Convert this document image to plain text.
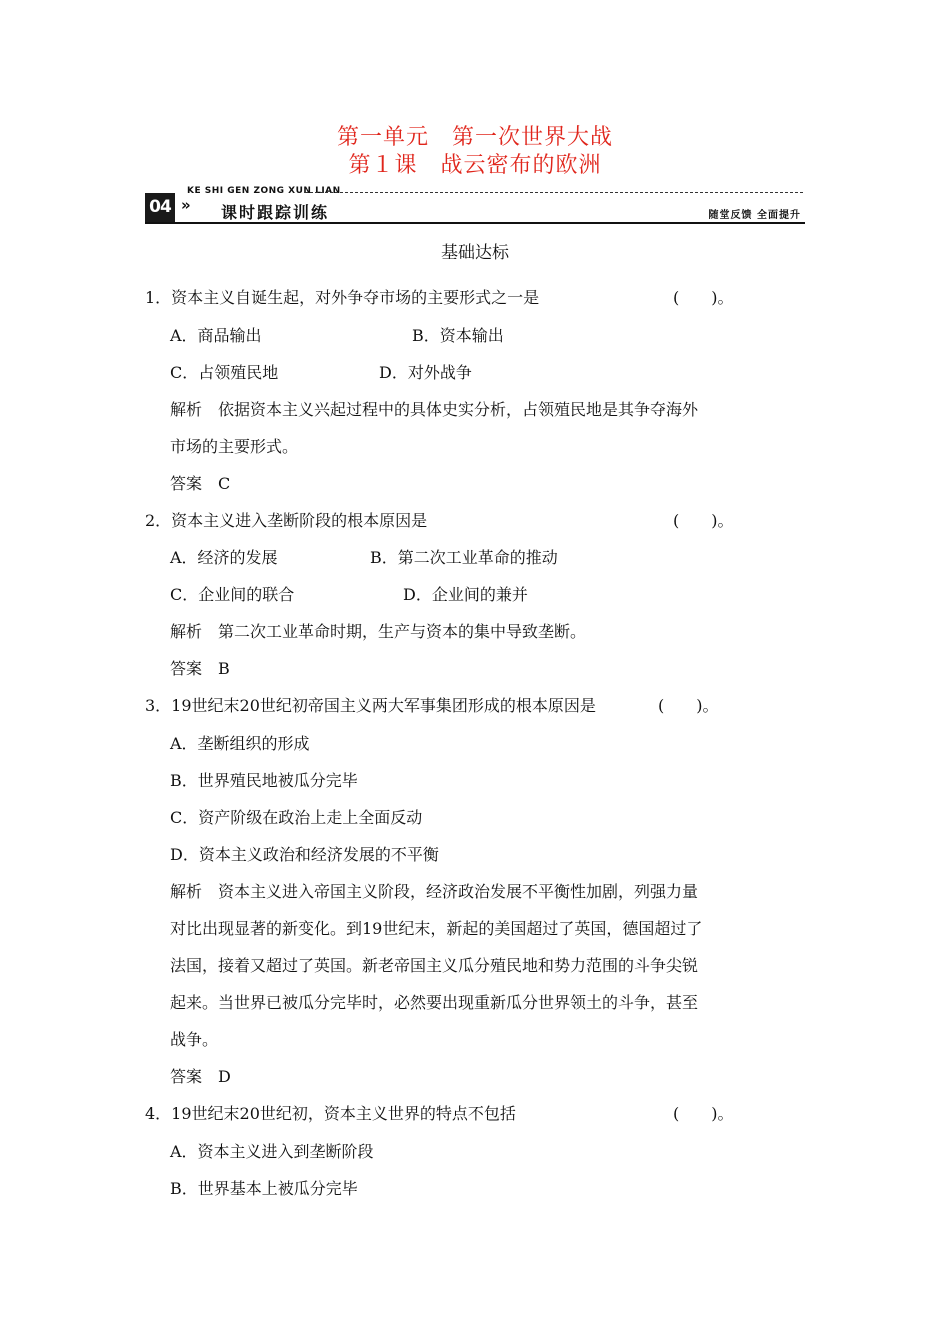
第一单元　第一次世界大战
第１课　战云密布的欧洲
04 »
KE SHI GEN ZONG XUN LIAN
课时跟踪训练	随堂反馈 全面提升
基础达标
1．资本主义自诞生起，对外争夺市场的主要形式之一是	(　　)。
A．商品输出	B．资本输出
C．占领殖民地	D．对外战争
解析　依据资本主义兴起过程中的具体史实分析，占领殖民地是其争夺海外
市场的主要形式。
答案　C
2．资本主义进入垄断阶段的根本原因是	(　　)。
A．经济的发展	B．第二次工业革命的推动
C．企业间的联合	D．企业间的兼并
解析　第二次工业革命时期，生产与资本的集中导致垄断。
答案　B
3．19世纪末20世纪初帝国主义两大军事集团形成的根本原因是	(　　)。
A．垄断组织的形成
B．世界殖民地被瓜分完毕
C．资产阶级在政治上走上全面反动
D．资本主义政治和经济发展的不平衡
解析　资本主义进入帝国主义阶段，经济政治发展不平衡性加剧，列强力量
对比出现显著的新变化。到19世纪末，新起的美国超过了英国，德国超过了
法国，接着又超过了英国。新老帝国主义瓜分殖民地和势力范围的斗争尖锐
起来。当世界已被瓜分完毕时，必然要出现重新瓜分世界领土的斗争，甚至
战争。
答案　D
4．19世纪末20世纪初，资本主义世界的特点不包括	(　　)。
A．资本主义进入到垄断阶段
B．世界基本上被瓜分完毕
